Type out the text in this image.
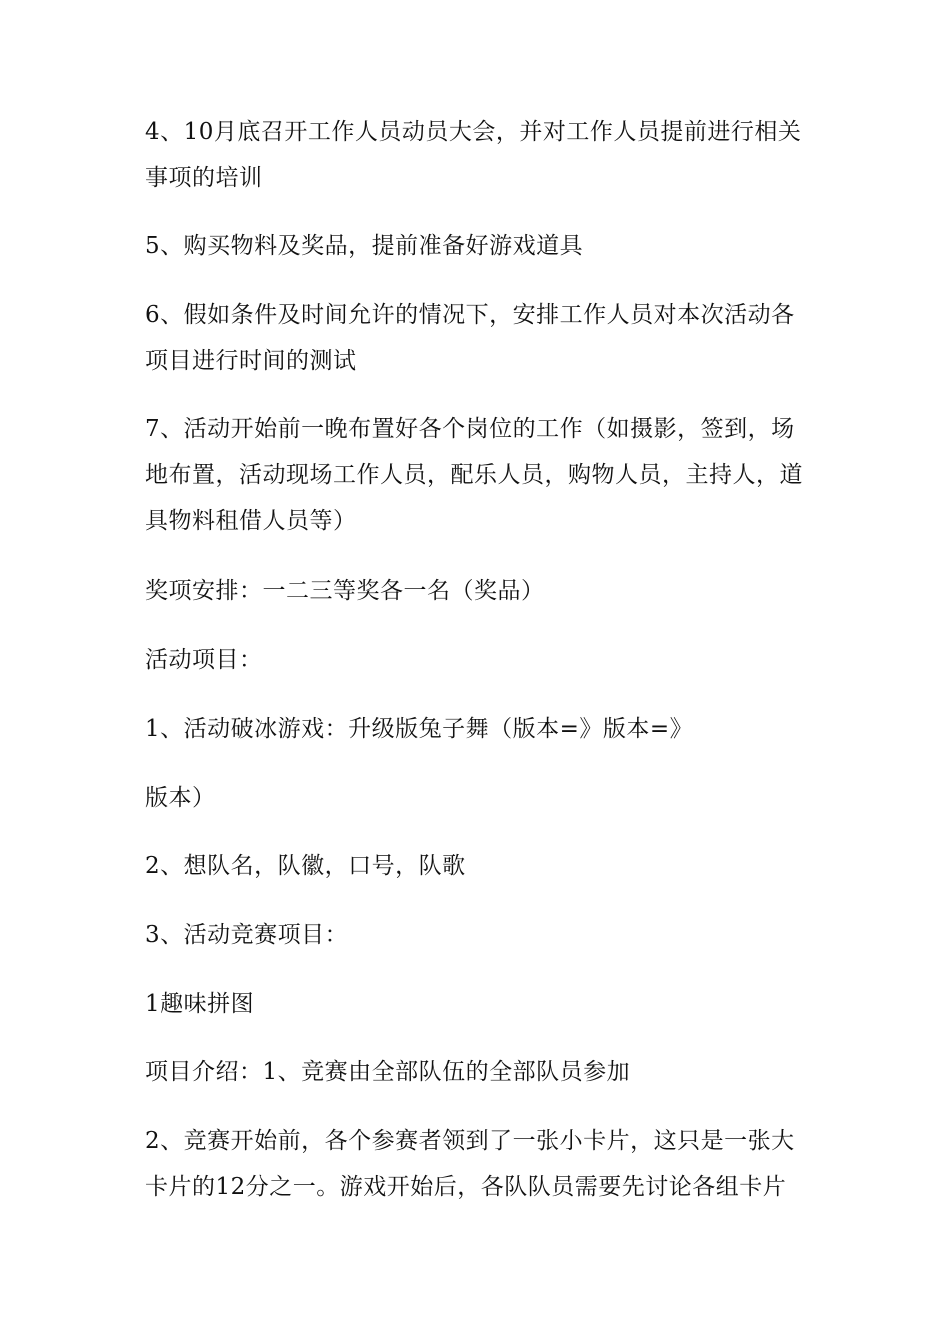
4、10月底召开工作人员动员大会，并对工作人员提前进行相关事项的培训

5、购买物料及奖品，提前准备好游戏道具

6、假如条件及时间允许的情况下，安排工作人员对本次活动各项目进行时间的测试

7、活动开始前一晚布置好各个岗位的工作（如摄影，签到，场地布置，活动现场工作人员，配乐人员，购物人员，主持人，道具物料租借人员等）

奖项安排：一二三等奖各一名（奖品）

活动项目：

1、活动破冰游戏：升级版兔子舞（版本=》版本=》

版本）

2、想队名，队徽，口号，队歌

3、活动竞赛项目：

1趣味拼图

项目介绍：1、竞赛由全部队伍的全部队员参加

2、竞赛开始前，各个参赛者领到了一张小卡片，这只是一张大卡片的12分之一。游戏开始后，各队队员需要先讨论各组卡片
